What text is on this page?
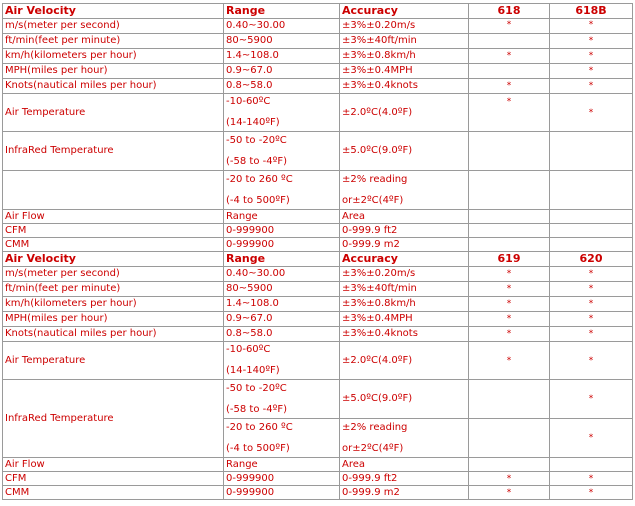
Air Velocity	Range	Accuracy	618	618B
m/s(meter per second)	0.40~30.00	±3%±0.20m/s	*	*
ft/min(feet per minute)	80~5900	±3%±40ft/min		*
km/h(kilometers per hour)	1.4~108.0	±3%±0.8km/h	*	*
MPH(miles per hour)	0.9~67.0	±3%±0.4MPH		*
Knots(nautical miles per hour)	0.8~58.0	±3%±0.4knots	*	*
Air Temperature	-10-60ºC
(14-140ºF)	±2.0ºC(4.0ºF)	*	*
InfraRed Temperature	-50 to -20ºC
(-58 to -4ºF)	±5.0ºC(9.0ºF)		

	-20 to 260 ºC
(-4 to 500ºF)	±2% reading
or±2ºC(4ºF)		

Air Flow	Range	Area		
CFM	0-999900	0-999.9 ft2		
CMM	0-999900	0-999.9 m2		
Air Velocity	Range	Accuracy	619	620
m/s(meter per second)	0.40~30.00	±3%±0.20m/s	*	*
ft/min(feet per minute)	80~5900	±3%±40ft/min	*	*
km/h(kilometers per hour)	1.4~108.0	±3%±0.8km/h	*	*
MPH(miles per hour)	0.9~67.0	±3%±0.4MPH	*	*
Knots(nautical miles per hour)	0.8~58.0	±3%±0.4knots	*	*
Air Temperature	-10-60ºC
(14-140ºF)	±2.0ºC(4.0ºF)	*	*
InfraRed Temperature	-50 to -20ºC
(-58 to -4ºF)	±5.0ºC(9.0ºF)		*

	-20 to 260 ºC
(-4 to 500ºF)	±2% reading
or±2ºC(4ºF)		*
Air Flow	Range	Area		
CFM	0-999900	0-999.9 ft2	*	*
CMM	0-999900	0-999.9 m2	*	*
